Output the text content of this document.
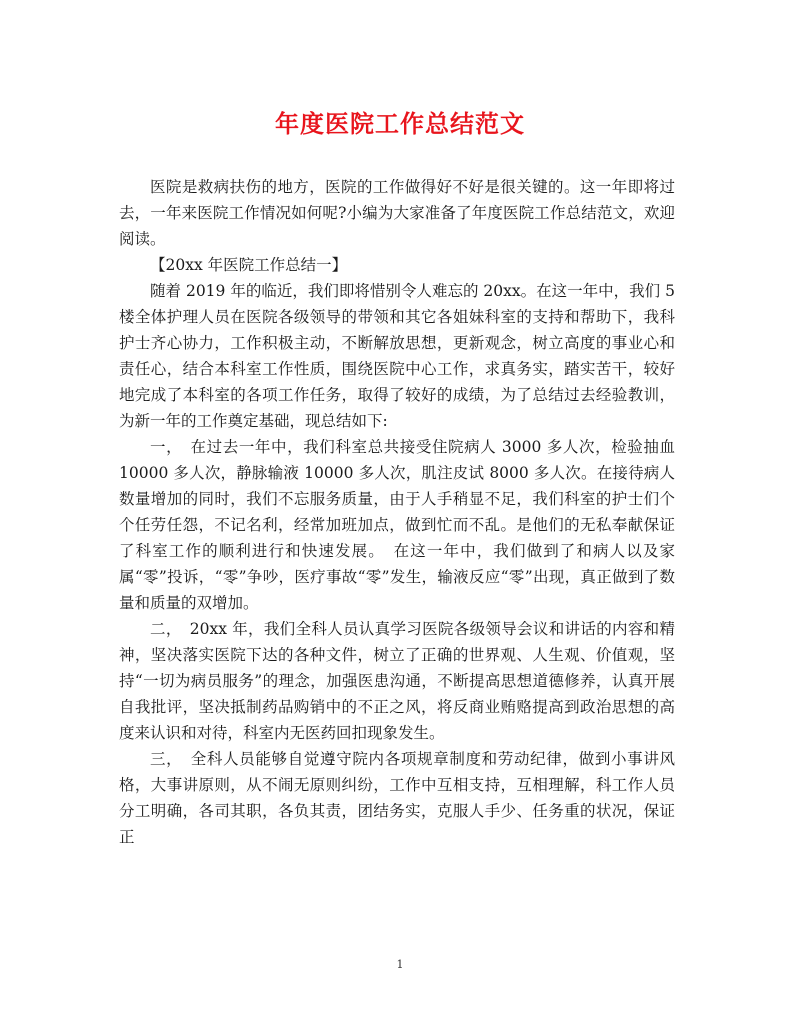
年度医院工作总结范文

医院是救病扶伤的地方，医院的工作做得好不好是很关键的。这一年即将过去，一年来医院工作情况如何呢?小编为大家准备了年度医院工作总结范文，欢迎阅读。

【20xx 年医院工作总结一】

随着 2019 年的临近，我们即将惜别令人难忘的 20xx。在这一年中，我们 5 楼全体护理人员在医院各级领导的带领和其它各姐妹科室的支持和帮助下，我科护士齐心协力，工作积极主动，不断解放思想，更新观念，树立高度的事业心和责任心，结合本科室工作性质，围绕医院中心工作，求真务实，踏实苦干，较好地完成了本科室的各项工作任务，取得了较好的成绩，为了总结过去经验教训，为新一年的工作奠定基础，现总结如下:

一，　在过去一年中，我们科室总共接受住院病人 3000 多人次，检验抽血 10000 多人次，静脉输液 10000 多人次，肌注皮试 8000 多人次。在接待病人数量增加的同时，我们不忘服务质量，由于人手稍显不足，我们科室的护士们个个任劳任怨，不记名利，经常加班加点，做到忙而不乱。是他们的无私奉献保证了科室工作的顺利进行和快速发展。　在这一年中，我们做到了和病人以及家属“零”投诉，“零”争吵，医疗事故“零”发生，输液反应“零”出现，真正做到了数量和质量的双增加。

二，　20xx 年，我们全科人员认真学习医院各级领导会议和讲话的内容和精神，坚决落实医院下达的各种文件，树立了正确的世界观、人生观、价值观，坚持“一切为病员服务”的理念，加强医患沟通，不断提高思想道德修养，认真开展自我批评，坚决抵制药品购销中的不正之风，将反商业贿赂提高到政治思想的高度来认识和对待，科室内无医药回扣现象发生。

三，　全科人员能够自觉遵守院内各项规章制度和劳动纪律，做到小事讲风格，大事讲原则，从不闹无原则纠纷，工作中互相支持，互相理解，科工作人员分工明确，各司其职，各负其责，团结务实，克服人手少、任务重的状况，保证正

1
